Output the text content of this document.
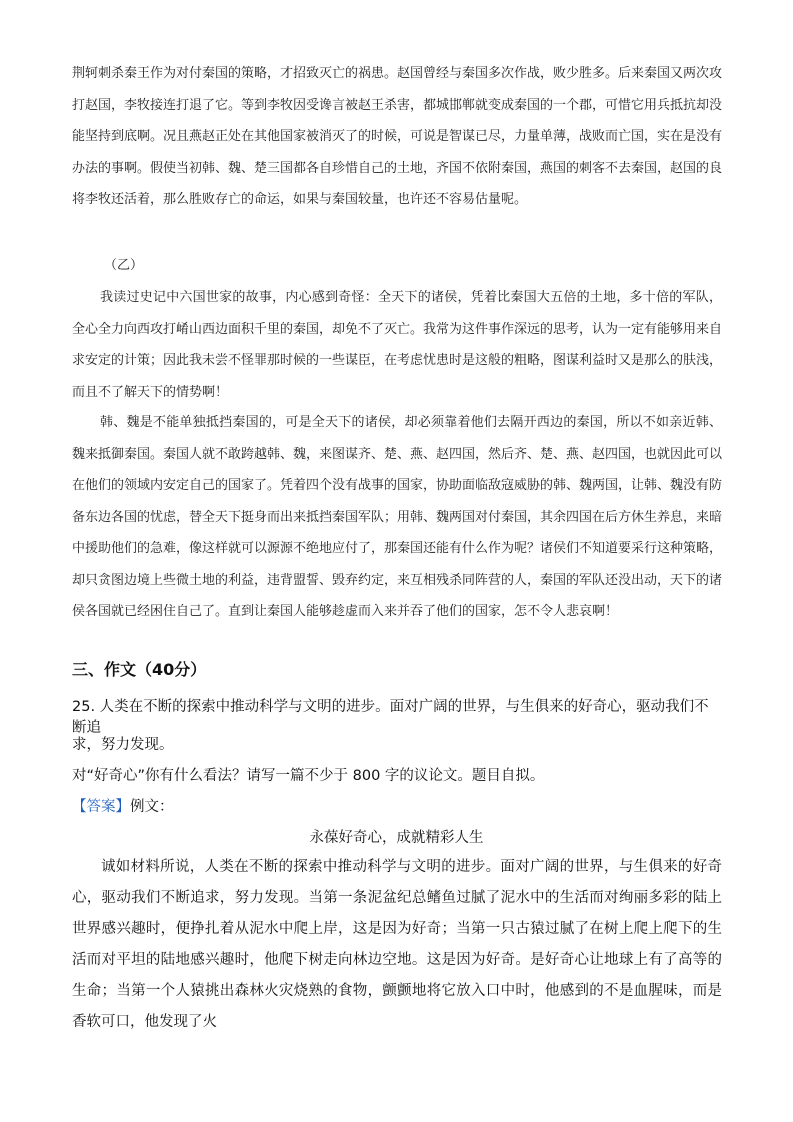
荆轲刺杀秦王作为对付秦国的策略，才招致灭亡的祸患。赵国曾经与秦国多次作战，败少胜多。后来秦国又两次攻打赵国，李牧接连打退了它。等到李牧因受谗言被赵王杀害，都城邯郸就变成秦国的一个郡，可惜它用兵抵抗却没能坚持到底啊。况且燕赵正处在其他国家被消灭了的时候，可说是智谋已尽，力量单薄，战败而亡国，实在是没有办法的事啊。假使当初韩、魏、楚三国都各自珍惜自己的土地，齐国不依附秦国，燕国的刺客不去秦国，赵国的良将李牧还活着，那么胜败存亡的命运，如果与秦国较量，也许还不容易估量呢。

（乙）

我读过史记中六国世家的故事，内心感到奇怪：全天下的诸侯，凭着比秦国大五倍的土地，多十倍的军队，全心全力向西攻打崤山西边面积千里的秦国，却免不了灭亡。我常为这件事作深远的思考，认为一定有能够用来自求安定的计策；因此我未尝不怪罪那时候的一些谋臣，在考虑忧患时是这般的粗略，图谋利益时又是那么的肤浅，而且不了解天下的情势啊！

韩、魏是不能单独抵挡秦国的，可是全天下的诸侯，却必须靠着他们去隔开西边的秦国，所以不如亲近韩、魏来抵御秦国。秦国人就不敢跨越韩、魏，来图谋齐、楚、燕、赵四国，然后齐、楚、燕、赵四国，也就因此可以在他们的领域内安定自己的国家了。凭着四个没有战事的国家，协助面临敌寇威胁的韩、魏两国，让韩、魏没有防备东边各国的忧虑，替全天下挺身而出来抵挡秦国军队；用韩、魏两国对付秦国，其余四国在后方休生养息，来暗中援助他们的急难，像这样就可以源源不绝地应付了，那秦国还能有什么作为呢？诸侯们不知道要采行这种策略，却只贪图边境上些微土地的利益，违背盟誓、毁弃约定，来互相残杀同阵营的人，秦国的军队还没出动，天下的诸侯各国就已经困住自己了。直到让秦国人能够趁虚而入来并吞了他们的国家，怎不令人悲哀啊！

三、作文（40分）

25. 人类在不断的探索中推动科学与文明的进步。面对广阔的世界，与生俱来的好奇心，驱动我们不断追

求，努力发现。

对“好奇心”你有什么看法？请写一篇不少于 800 字的议论文。题目自拟。

【答案】例文：
永葆好奇心，成就精彩人生

诚如材料所说，人类在不断的探索中推动科学与文明的进步。面对广阔的世界，与生俱来的好奇心，驱动我们不断追求，努力发现。当第一条泥盆纪总鳍鱼过腻了泥水中的生活而对绚丽多彩的陆上世界感兴趣时，便挣扎着从泥水中爬上岸，这是因为好奇；当第一只古猿过腻了在树上爬上爬下的生活而对平坦的陆地感兴趣时，他爬下树走向林边空地。这是因为好奇。是好奇心让地球上有了高等的生命；当第一个人猿挑出森林火灾烧熟的食物，颤颤地将它放入口中时，他感到的不是血腥味，而是香软可口，他发现了火
